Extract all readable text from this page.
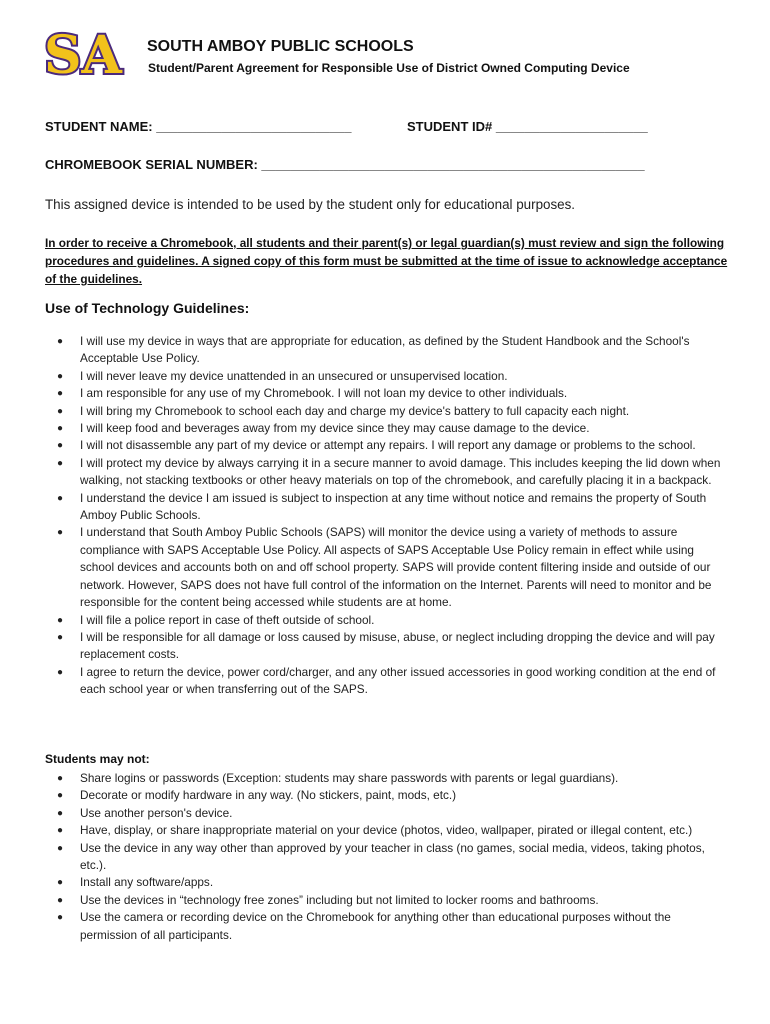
SA SOUTH AMBOY PUBLIC SCHOOLS
Student/Parent Agreement for Responsible Use of District Owned Computing Device
STUDENT NAME: ___________________________	STUDENT ID# _____________________
CHROMEBOOK SERIAL NUMBER: _____________________________________________________
This assigned device is intended to be used by the student only for educational purposes.
In order to receive a Chromebook, all students and their parent(s) or legal guardian(s) must review and sign the following procedures and guidelines. A signed copy of this form must be submitted at the time of issue to acknowledge acceptance of the guidelines.
Use of Technology Guidelines:
● I will use my device in ways that are appropriate for education, as defined by the Student Handbook and the School's Acceptable Use Policy.
● I will never leave my device unattended in an unsecured or unsupervised location.
● I am responsible for any use of my Chromebook. I will not loan my device to other individuals.
● I will bring my Chromebook to school each day and charge my device's battery to full capacity each night.
● I will keep food and beverages away from my device since they may cause damage to the device.
● I will not disassemble any part of my device or attempt any repairs. I will report any damage or problems to the school.
● I will protect my device by always carrying it in a secure manner to avoid damage. This includes keeping the lid down when walking, not stacking textbooks or other heavy materials on top of the chromebook, and carefully placing it in a backpack.
● I understand the device I am issued is subject to inspection at any time without notice and remains the property of South Amboy Public Schools.
● I understand that South Amboy Public Schools (SAPS) will monitor the device using a variety of methods to assure compliance with SAPS Acceptable Use Policy. All aspects of SAPS Acceptable Use Policy remain in effect while using school devices and accounts both on and off school property. SAPS will provide content filtering inside and outside of our network. However, SAPS does not have full control of the information on the Internet. Parents will need to monitor and be responsible for the content being accessed while students are at home.
● I will file a police report in case of theft outside of school.
● I will be responsible for all damage or loss caused by misuse, abuse, or neglect including dropping the device and will pay replacement costs.
● I agree to return the device, power cord/charger, and any other issued accessories in good working condition at the end of each school year or when transferring out of the SAPS.
Students may not:
● Share logins or passwords (Exception: students may share passwords with parents or legal guardians).
● Decorate or modify hardware in any way. (No stickers, paint, mods, etc.)
● Use another person's device.
● Have, display, or share inappropriate material on your device (photos, video, wallpaper, pirated or illegal content, etc.)
● Use the device in any way other than approved by your teacher in class (no games, social media, videos, taking photos, etc.).
● Install any software/apps.
● Use the devices in “technology free zones” including but not limited to locker rooms and bathrooms.
● Use the camera or recording device on the Chromebook for anything other than educational purposes without the permission of all participants.
